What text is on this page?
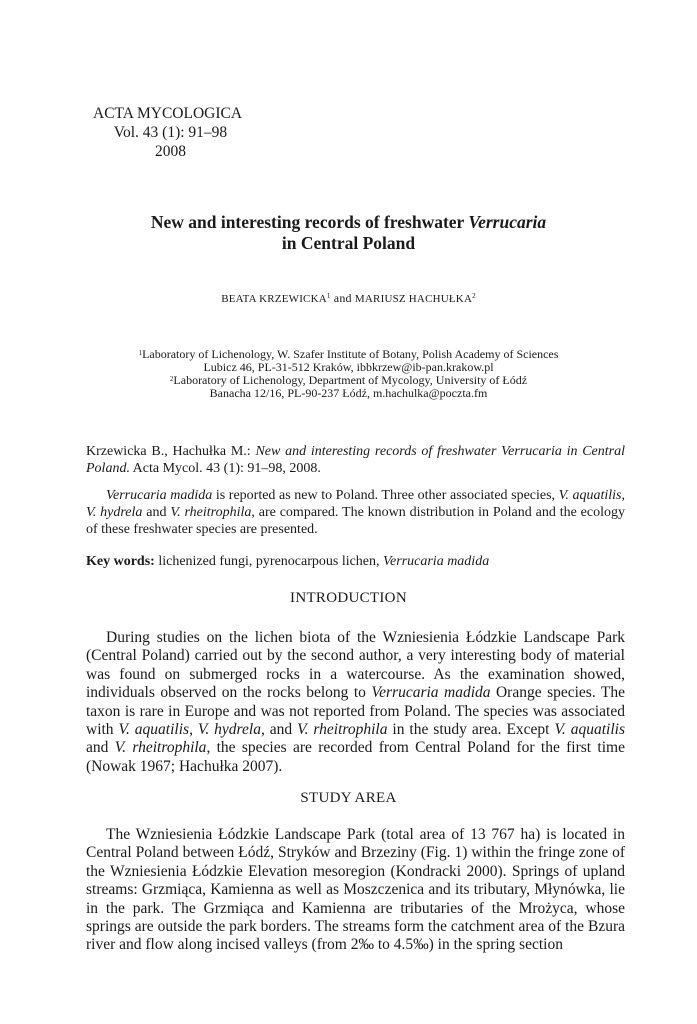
ACTA MYCOLOGICA
Vol. 43 (1): 91–98
2008
New and interesting records of freshwater Verrucaria
in Central Poland
BEATA KRZEWICKA$^1$ and MARIUSZ HACHUŁKA$^2$
$^1$Laboratory of Lichenology, W. Szafer Institute of Botany, Polish Academy of Sciences
Lubicz 46, PL-31-512 Kraków, ibbkrzew@ib-pan.krakow.pl
$^2$Laboratory of Lichenology, Department of Mycology, University of Łódź
Banacha 12/16, PL-90-237 Łódź, m.hachulka@poczta.fm
Krzewicka B., Hachułka M.: New and interesting records of freshwater Verrucaria in Central Poland. Acta Mycol. 43 (1): 91–98, 2008.
Verrucaria madida is reported as new to Poland. Three other associated species, V. aquatilis, V. hydrela and V. rheitrophila, are compared. The known distribution in Poland and the ecology of these freshwater species are presented.
Key words: lichenized fungi, pyrenocarpous lichen, Verrucaria madida
INTRODUCTION
During studies on the lichen biota of the Wzniesienia Łódzkie Landscape Park (Central Poland) carried out by the second author, a very interesting body of material was found on submerged rocks in a watercourse. As the examination showed, individuals observed on the rocks belong to Verrucaria madida Orange species. The taxon is rare in Europe and was not reported from Poland. The species was associated with V. aquatilis, V. hydrela, and V. rheitrophila in the study area. Except V. aquatilis and V. rheitrophila, the species are recorded from Central Poland for the first time (Nowak 1967; Hachułka 2007).
STUDY AREA
The Wzniesienia Łódzkie Landscape Park (total area of 13 767 ha) is located in Central Poland between Łódź, Stryków and Brzeziny (Fig. 1) within the fringe zone of the Wzniesienia Łódzkie Elevation mesoregion (Kondracki 2000). Springs of upland streams: Grzmiąca, Kamienna as well as Moszczenica and its tributary, Młynówka, lie in the park. The Grzmiąca and Kamienna are tributaries of the Mrożyca, whose springs are outside the park borders. The streams form the catchment area of the Bzura river and flow along incised valleys (from 2‰ to 4.5‰) in the spring section
